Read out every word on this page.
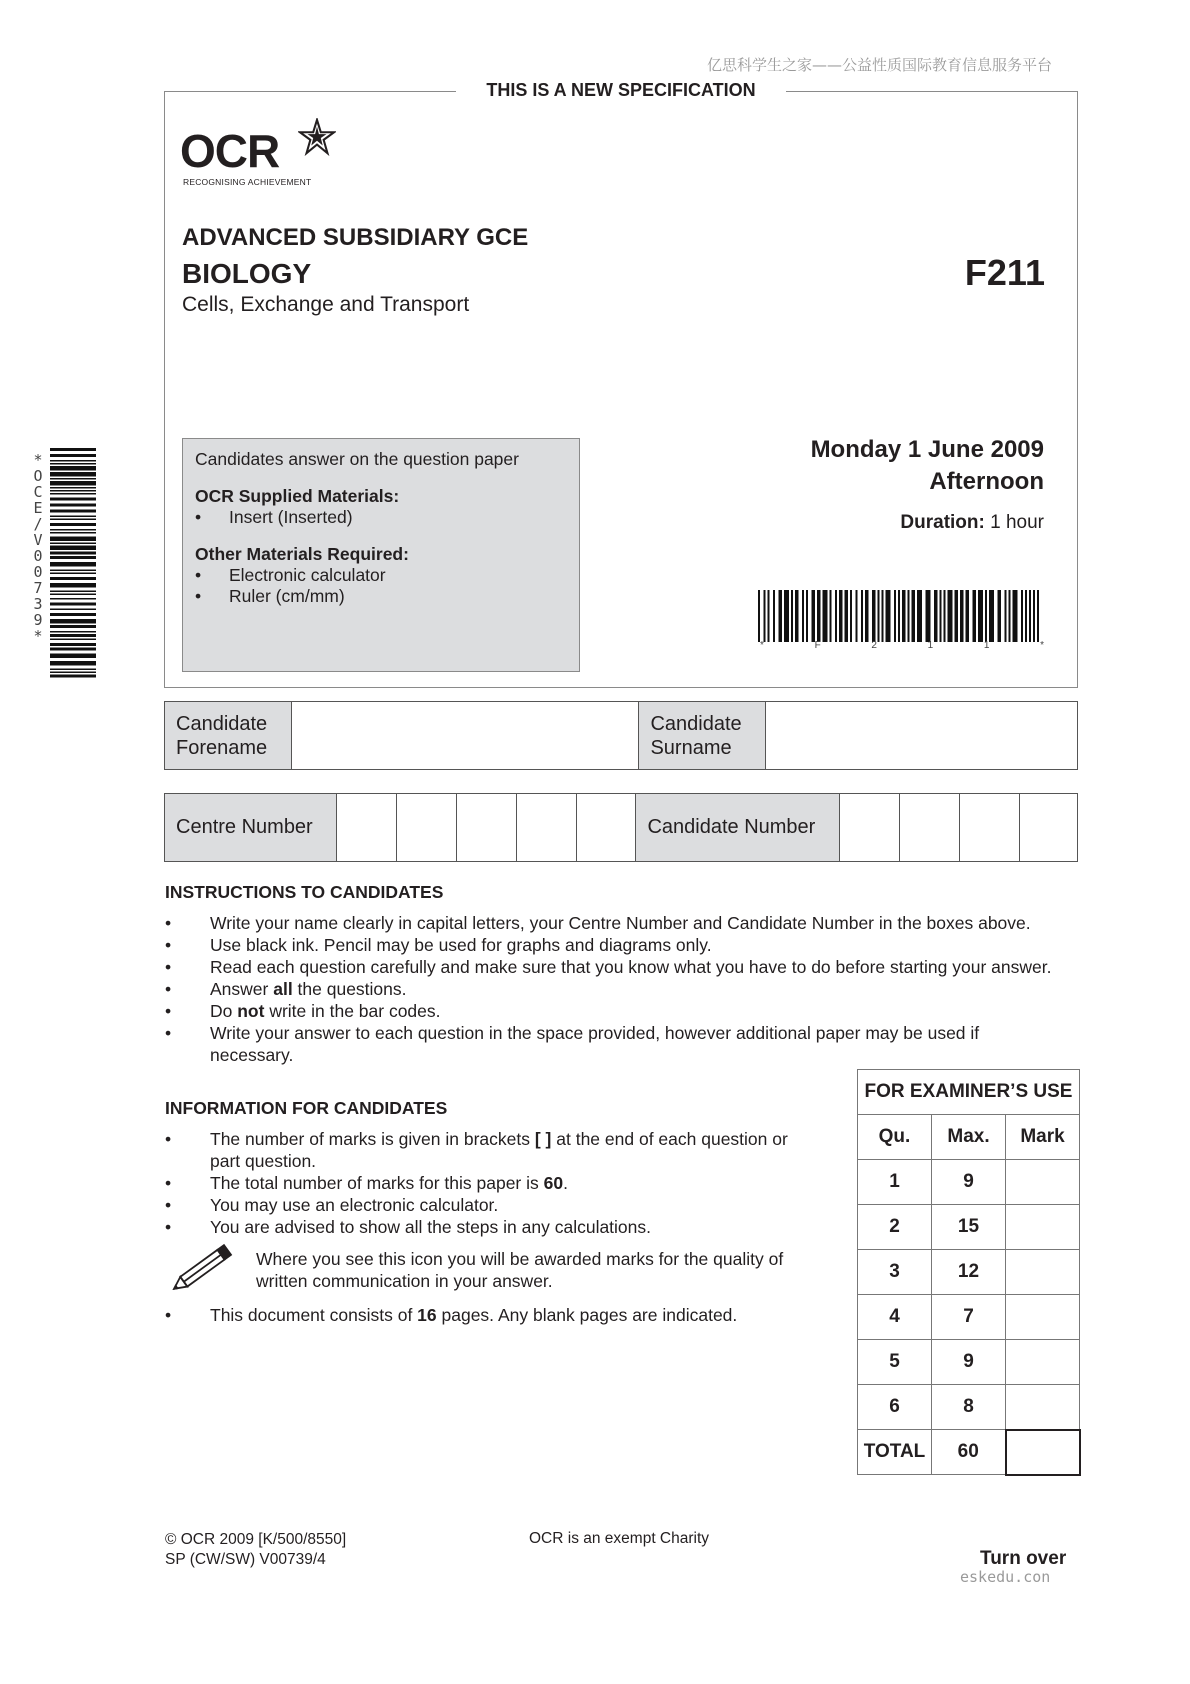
亿思科学生之家——公益性质国际教育信息服务平台
eskedu.con
THIS IS A NEW SPECIFICATION
OCR
RECOGNISING ACHIEVEMENT
ADVANCED SUBSIDIARY GCE
BIOLOGY
Cells, Exchange and Transport
F211

Candidates answer on the question paper

OCR Supplied Materials:

•	Insert (Inserted)

Other Materials Required:

•	Electronic calculator

•	Ruler (cm/mm)

Monday 1 June 2009
Afternoon
Duration: 1 hour
*	F	2	1	1	*
*
O
C
E
/
V
0
0
7
3
9
*
Candidate
Forename

Candidate
Surname

Centre Number						Candidate Number				
INSTRUCTIONS TO CANDIDATES
•	Write your name clearly in capital letters, your Centre Number and Candidate Number in the boxes above.
•	Use black ink. Pencil may be used for graphs and diagrams only.
•	Read each question carefully and make sure that you know what you have to do before starting your answer.
•	Answer all the questions.
•	Do not write in the bar codes.
•	Write your answer to each question in the space provided, however additional paper may be used if
necessary.
INFORMATION FOR CANDIDATES
•	The number of marks is given in brackets [ ] at the end of each question or
part question.
•	The total number of marks for this paper is 60.
•	You may use an electronic calculator.
•	You are advised to show all the steps in any calculations.
Where you see this icon you will be awarded marks for the quality of
written communication in your answer.
•	This document consists of 16 pages. Any blank pages are indicated.
FOR EXAMINER’S USE		
Qu.	Max.	Mark
1	9	
2	15	
3	12	
4	7	
5	9	
6	8	
TOTAL	60	
© OCR 2009 [K/500/8550]
SP (CW/SW) V00739/4
OCR is an exempt Charity
Turn over
